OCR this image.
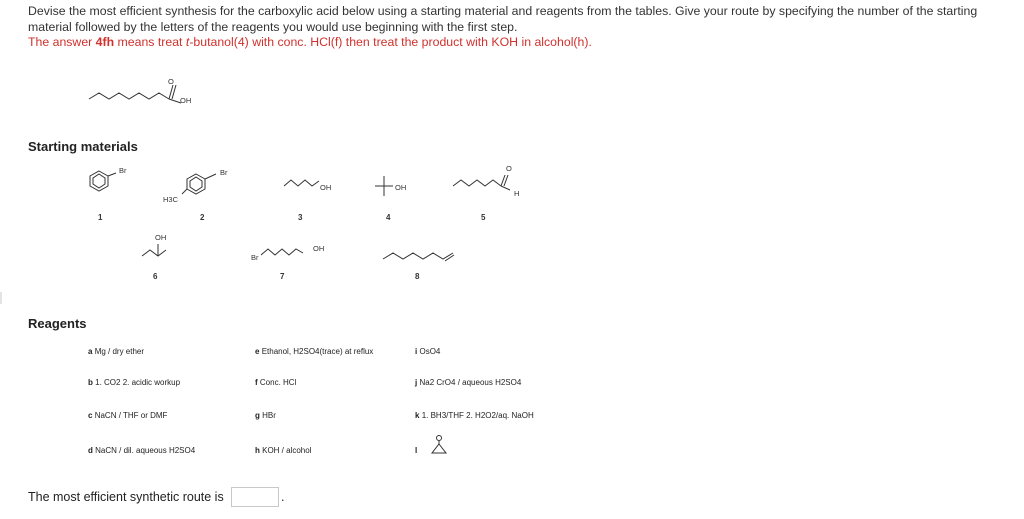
Devise the most efficient synthesis for the carboxylic acid below using a starting material and reagents from the tables. Give your route by specifying the number of the starting material followed by the letters of the reagents you would use beginning with the first step.
The answer 4fh means treat t-butanol(4) with conc. HCl(f) then treat the product with KOH in alcohol(h).
O
OH
Starting materials
Br
1
Br
H3C
2
OH
3
OH
4
O
H
5
OH
6
Br
OH
7	8
Reagents
a Mg / dry ether
b 1. CO2 2. acidic workup
c NaCN / THF or DMF
d NaCN / dil. aqueous H2SO4
e Ethanol, H2SO4(trace) at reflux
f Conc. HCl
g HBr
h KOH / alcohol
i OsO4
j Na2 CrO4 / aqueous H2SO4
k 1. BH3/THF 2. H2O2/aq. NaOH
l
The most efficient synthetic route is	.
